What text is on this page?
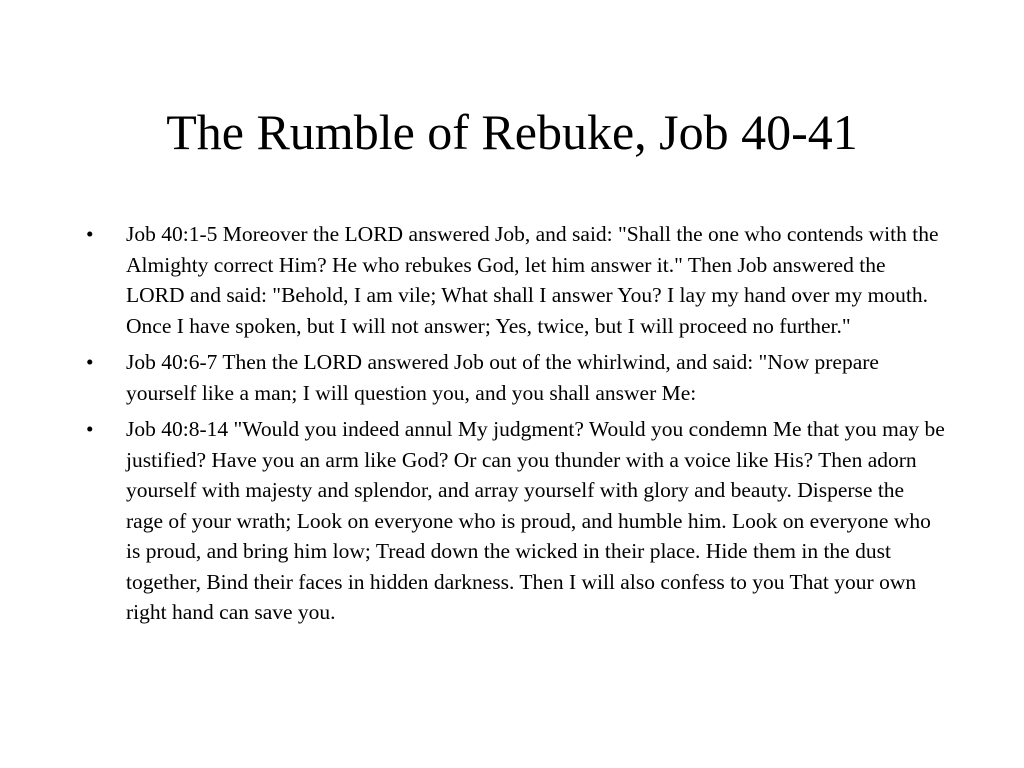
The Rumble of Rebuke, Job 40-41
•	Job 40:1-5 Moreover the LORD answered Job, and said: "Shall the one who contends with the Almighty correct Him? He who rebukes God, let him answer it." Then Job answered the LORD and said: "Behold, I am vile; What shall I answer You? I lay my hand over my mouth. Once I have spoken, but I will not answer; Yes, twice, but I will proceed no further."
•	Job 40:6-7 Then the LORD answered Job out of the whirlwind, and said: "Now prepare yourself like a man; I will question you, and you shall answer Me:
•	Job 40:8-14 "Would you indeed annul My judgment? Would you condemn Me that you may be justified? Have you an arm like God? Or can you thunder with a voice like His? Then adorn yourself with majesty and splendor, and array yourself with glory and beauty. Disperse the rage of your wrath; Look on everyone who is proud, and humble him. Look on everyone who is proud, and bring him low; Tread down the wicked in their place. Hide them in the dust together, Bind their faces in hidden darkness. Then I will also confess to you That your own right hand can save you.
